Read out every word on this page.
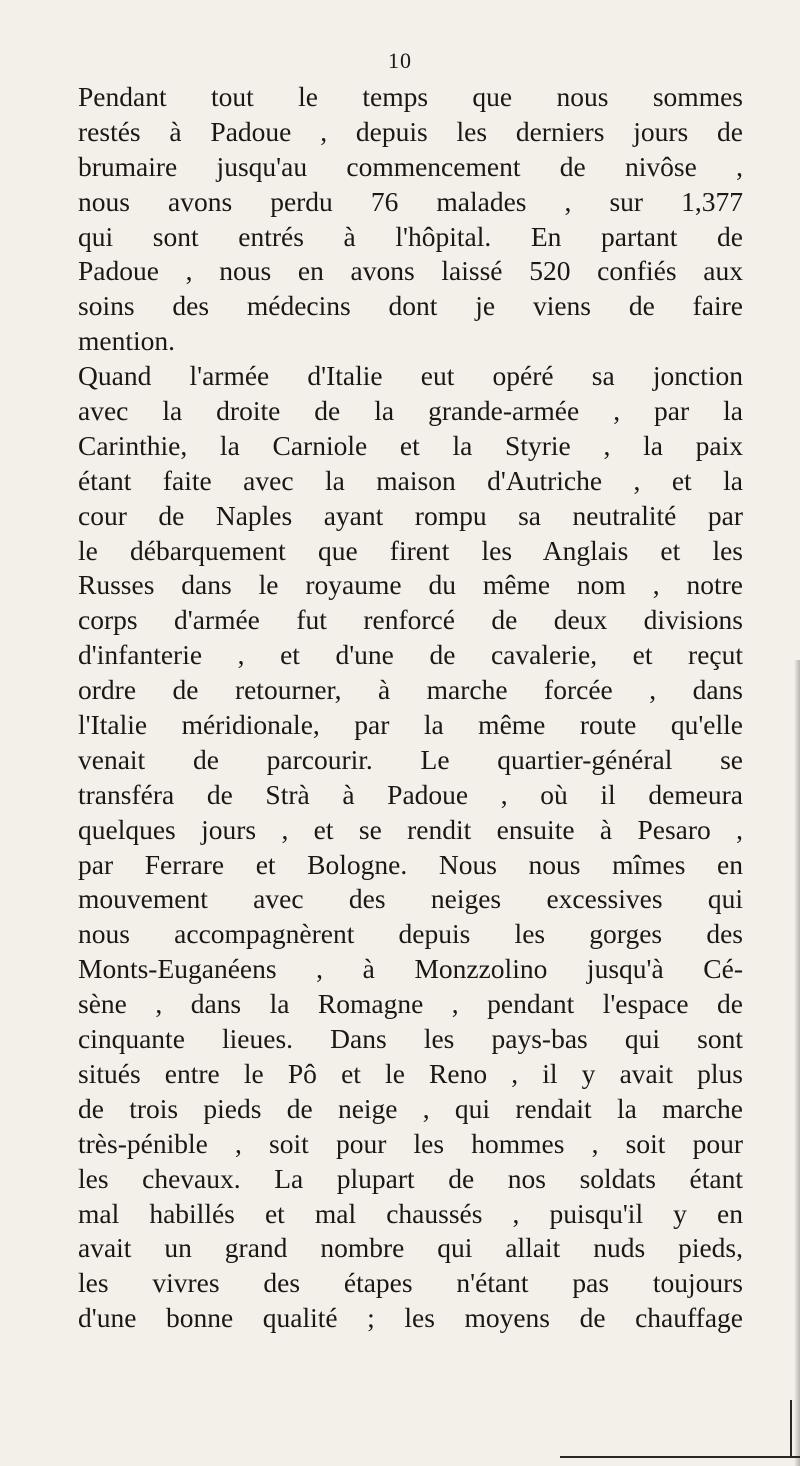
10
Pendant tout le temps que nous sommes
restés à Padoue , depuis les derniers jours de
brumaire jusqu'au commencement de nivôse ,
nous avons perdu 76 malades , sur 1,377
qui sont entrés à l'hôpital. En partant de
Padoue , nous en avons laissé 520 confiés aux
soins des médecins dont je viens de faire
mention.
Quand l'armée d'Italie eut opéré sa jonction
avec la droite de la grande-armée , par la
Carinthie, la Carniole et la Styrie , la paix
étant faite avec la maison d'Autriche , et la
cour de Naples ayant rompu sa neutralité par
le débarquement que firent les Anglais et les
Russes dans le royaume du même nom , notre
corps d'armée fut renforcé de deux divisions
d'infanterie , et d'une de cavalerie, et reçut
ordre de retourner, à marche forcée , dans
l'Italie méridionale, par la même route qu'elle
venait de parcourir. Le quartier-général se
transféra de Strà à Padoue , où il demeura
quelques jours , et se rendit ensuite à Pesaro ,
par Ferrare et Bologne. Nous nous mîmes en
mouvement avec des neiges excessives qui
nous accompagnèrent depuis les gorges des
Monts-Euganéens , à Monzzolino jusqu'à Cé-
sène , dans la Romagne , pendant l'espace de
cinquante lieues. Dans les pays-bas qui sont
situés entre le Pô et le Reno , il y avait plus
de trois pieds de neige , qui rendait la marche
très-pénible , soit pour les hommes , soit pour
les chevaux. La plupart de nos soldats étant
mal habillés et mal chaussés , puisqu'il y en
avait un grand nombre qui allait nuds pieds,
les vivres des étapes n'étant pas toujours
d'une bonne qualité ; les moyens de chauffage
